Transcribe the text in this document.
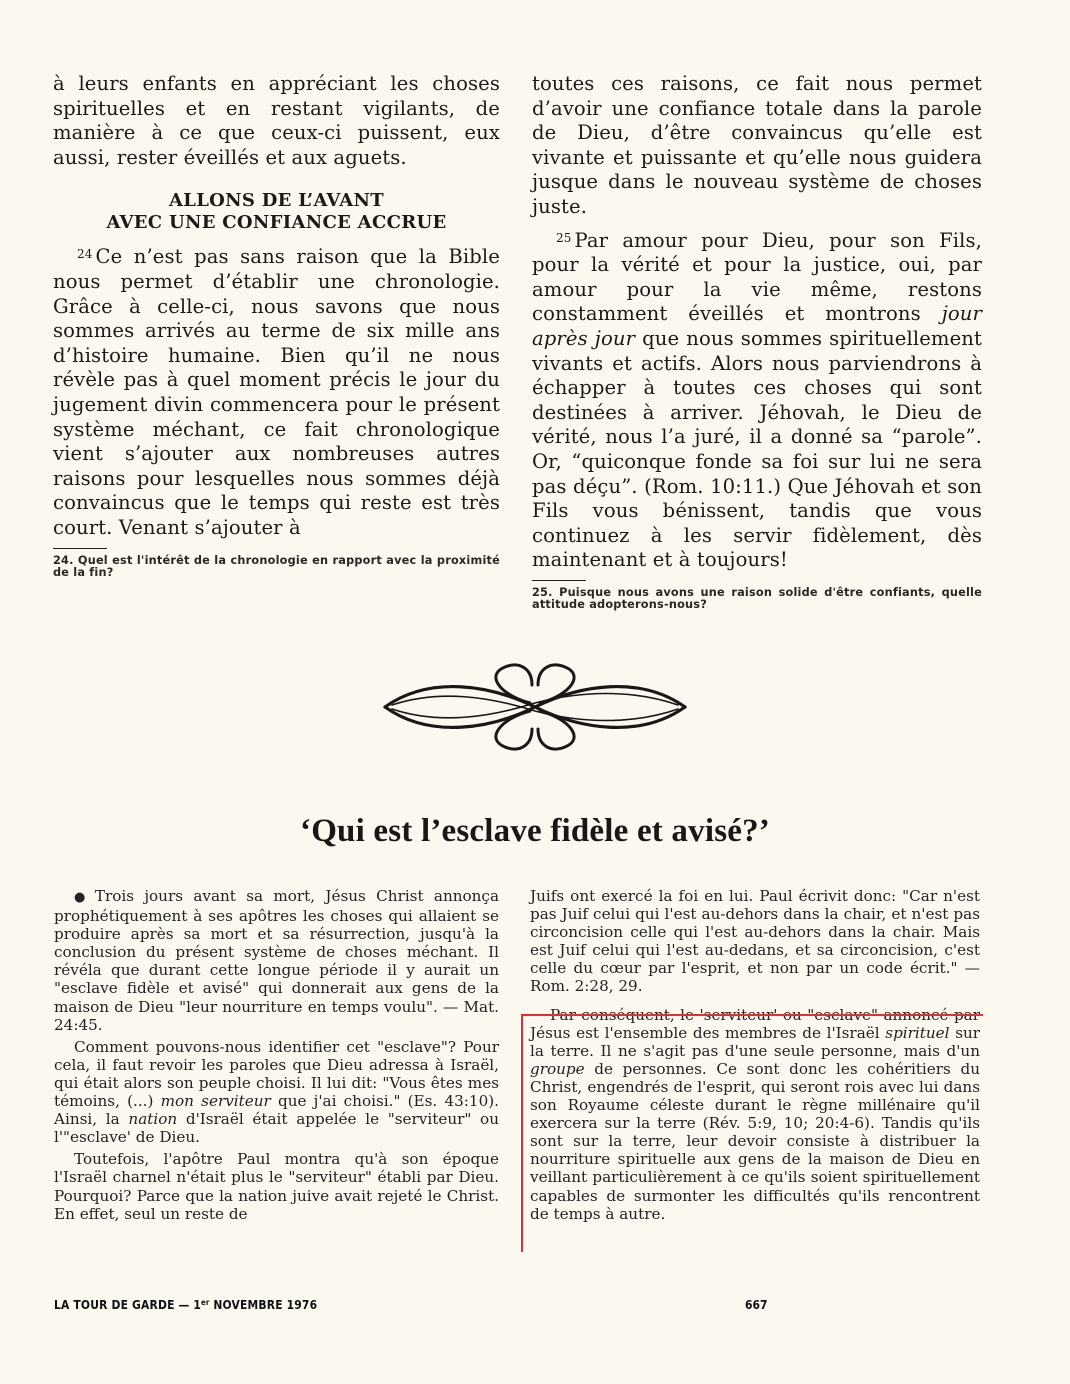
à leurs enfants en appréciant les choses spirituelles et en restant vigilants, de manière à ce que ceux-ci puissent, eux aussi, rester éveillés et aux aguets.

ALLONS DE L’AVANT
AVEC UNE CONFIANCE ACCRUE

$^{24}$ Ce n’est pas sans raison que la Bible nous permet d’établir une chronologie. Grâce à celle-ci, nous savons que nous sommes arrivés au terme de six mille ans d’histoire humaine. Bien qu’il ne nous révèle pas à quel moment précis le jour du jugement divin commencera pour le présent système méchant, ce fait chronologique vient s’ajouter aux nombreuses autres raisons pour lesquelles nous sommes déjà convaincus que le temps qui reste est très court. Venant s’ajouter à

24. Quel est l'intérêt de la chronologie en rapport avec la proximité de la fin?

toutes ces raisons, ce fait nous permet d’avoir une confiance totale dans la parole de Dieu, d’être convaincus qu’elle est vivante et puissante et qu’elle nous guidera jusque dans le nouveau système de choses juste.

$^{25}$ Par amour pour Dieu, pour son Fils, pour la vérité et pour la justice, oui, par amour pour la vie même, restons constamment éveillés et montrons jour après jour que nous sommes spirituellement vivants et actifs. Alors nous parviendrons à échapper à toutes ces choses qui sont destinées à arriver. Jéhovah, le Dieu de vérité, nous l’a juré, il a donné sa “parole”. Or, “quiconque fonde sa foi sur lui ne sera pas déçu”. (Rom. 10:11.) Que Jéhovah et son Fils vous bénissent, tandis que vous continuez à les servir fidèlement, dès maintenant et à toujours!

25. Puisque nous avons une raison solide d'être confiants, quelle attitude adopterons-nous?
‘Qui est l’esclave fidèle et avisé?’

● Trois jours avant sa mort, Jésus Christ annonça prophétiquement à ses apôtres les choses qui allaient se produire après sa mort et sa résurrection, jusqu'à la conclusion du présent système de choses méchant. Il révéla que durant cette longue période il y aurait un "esclave fidèle et avisé" qui donnerait aux gens de la maison de Dieu "leur nourriture en temps voulu". — Mat. 24:45.

Comment pouvons-nous identifier cet "esclave"? Pour cela, il faut revoir les paroles que Dieu adressa à Israël, qui était alors son peuple choisi. Il lui dit: "Vous êtes mes témoins, (...) mon serviteur que j'ai choisi." (Es. 43:10). Ainsi, la nation d'Israël était appelée le "serviteur" ou l'"esclave' de Dieu.

Toutefois, l'apôtre Paul montra qu'à son époque l'Israël charnel n'était plus le "serviteur" établi par Dieu. Pourquoi? Parce que la nation juive avait rejeté le Christ. En effet, seul un reste de

Juifs ont exercé la foi en lui. Paul écrivit donc: "Car n'est pas Juif celui qui l'est au-dehors dans la chair, et n'est pas circoncision celle qui l'est au-dehors dans la chair. Mais est Juif celui qui l'est au-dedans, et sa circoncision, c'est celle du cœur par l'esprit, et non par un code écrit." — Rom. 2:28, 29.

Par conséquent, le 'serviteur' ou "esclave" annoncé par Jésus est l'ensemble des membres de l'Israël spirituel sur la terre. Il ne s'agit pas d'une seule personne, mais d'un groupe de personnes. Ce sont donc les cohéritiers du Christ, engendrés de l'esprit, qui seront rois avec lui dans son Royaume céleste durant le règne millénaire qu'il exercera sur la terre (Rév. 5:9, 10; 20:4-6). Tandis qu'ils sont sur la terre, leur devoir consiste à distribuer la nourriture spirituelle aux gens de la maison de Dieu en veillant particulièrement à ce qu'ils soient spirituellement capables de surmonter les difficultés qu'ils rencontrent de temps à autre.

LA TOUR DE GARDE — 1er NOVEMBRE 1976	667
